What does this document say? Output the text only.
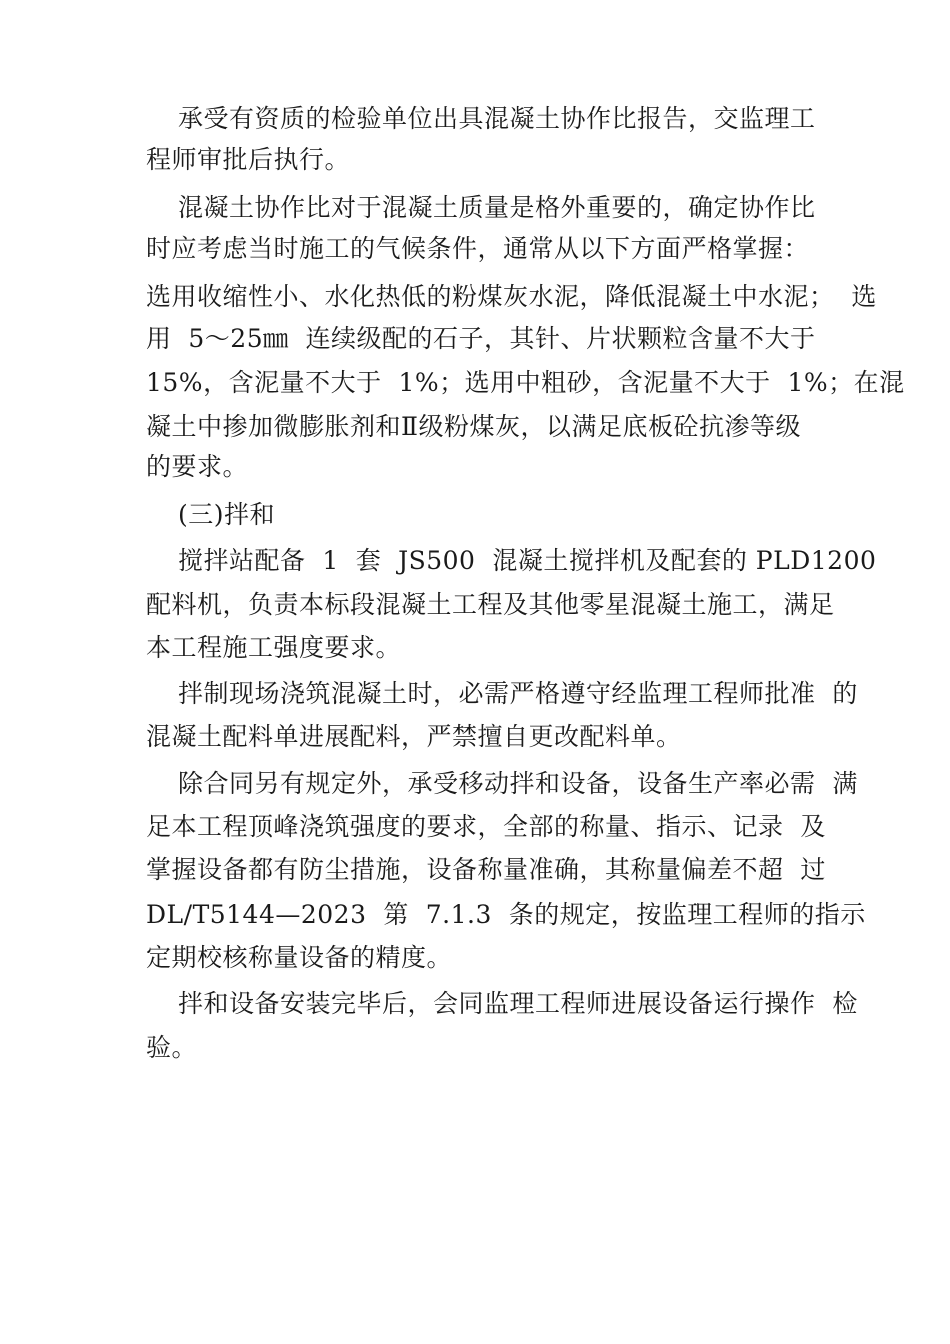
承受有资质的检验单位出具混凝土协作比报告，交监理工
程师审批后执行。
混凝土协作比对于混凝土质量是格外重要的，确定协作比
时应考虑当时施工的气候条件，通常从以下方面严格掌握：
选用收缩性小、水化热低的粉煤灰水泥，降低混凝土中水泥；  选
用  5～25㎜  连续级配的石子，其针、片状颗粒含量不大于
15%，含泥量不大于  1%；选用中粗砂，含泥量不大于  1%；在混
凝土中掺加微膨胀剂和Ⅱ级粉煤灰，以满足底板砼抗渗等级
的要求。
(三)拌和
搅拌站配备  1  套  JS500  混凝土搅拌机及配套的 PLD1200
配料机，负责本标段混凝土工程及其他零星混凝土施工，满足
本工程施工强度要求。
拌制现场浇筑混凝土时，必需严格遵守经监理工程师批准  的
混凝土配料单进展配料，严禁擅自更改配料单。
除合同另有规定外，承受移动拌和设备，设备生产率必需  满
足本工程顶峰浇筑强度的要求，全部的称量、指示、记录  及
掌握设备都有防尘措施，设备称量准确，其称量偏差不超  过
DL/T5144—2023  第  7.1.3  条的规定，按监理工程师的指示
定期校核称量设备的精度。
拌和设备安装完毕后，会同监理工程师进展设备运行操作  检
验。
